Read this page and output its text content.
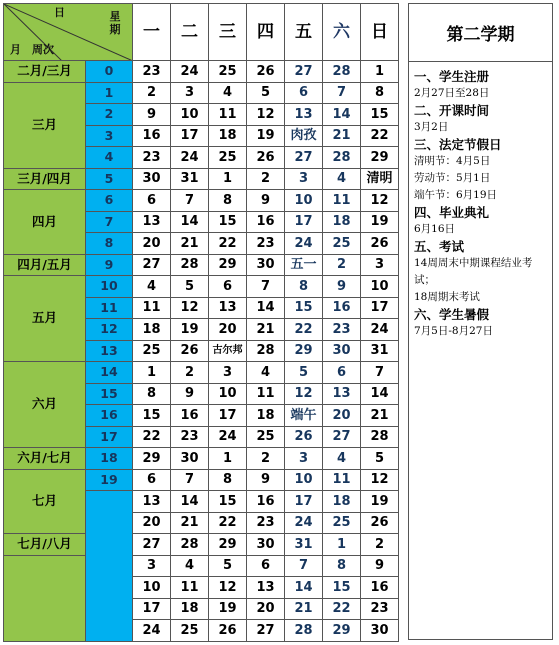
日 星期
月 周次		一	二	三	四	五	六	日
二月/三月	0	23	24	25	26	27	28	1
三月	1	2	3	4	5	6	7	8
	2	9	10	11	12	13	14	15
	3	16	17	18	19	肉孜	21	22
	4	23	24	25	26	27	28	29
三月/四月	5	30	31	1	2	3	4	清明
四月	6	6	7	8	9	10	11	12
	7	13	14	15	16	17	18	19
	8	20	21	22	23	24	25	26
四月/五月	9	27	28	29	30	五一	2	3
五月	10	4	5	6	7	8	9	10
	11	11	12	13	14	15	16	17
	12	18	19	20	21	22	23	24
	13	25	26	古尔邦	28	29	30	31
六月	14	1	2	3	4	5	6	7
	15	8	9	10	11	12	13	14
	16	15	16	17	18	端午	20	21
	17	22	23	24	25	26	27	28
六月/七月	18	29	30	1	2	3	4	5
七月	19	6	7	8	9	10	11	12
		13	14	15	16	17	18	19
		20	21	22	23	24	25	26
七月/八月		27	28	29	30	31	1	2
		3	4	5	6	7	8	9
		10	11	12	13	14	15	16
		17	18	19	20	21	22	23
		24	25	26	27	28	29	30
第二学期
一、学生注册
2月27日至28日
二、开课时间
3月2日
三、法定节假日
清明节：4月5日
劳动节：5月1日
端午节：6月19日
四、毕业典礼
6月16日
五、考试
14周周末中期课程结业考试；
18周期末考试
六、学生暑假
7月5日-8月27日
